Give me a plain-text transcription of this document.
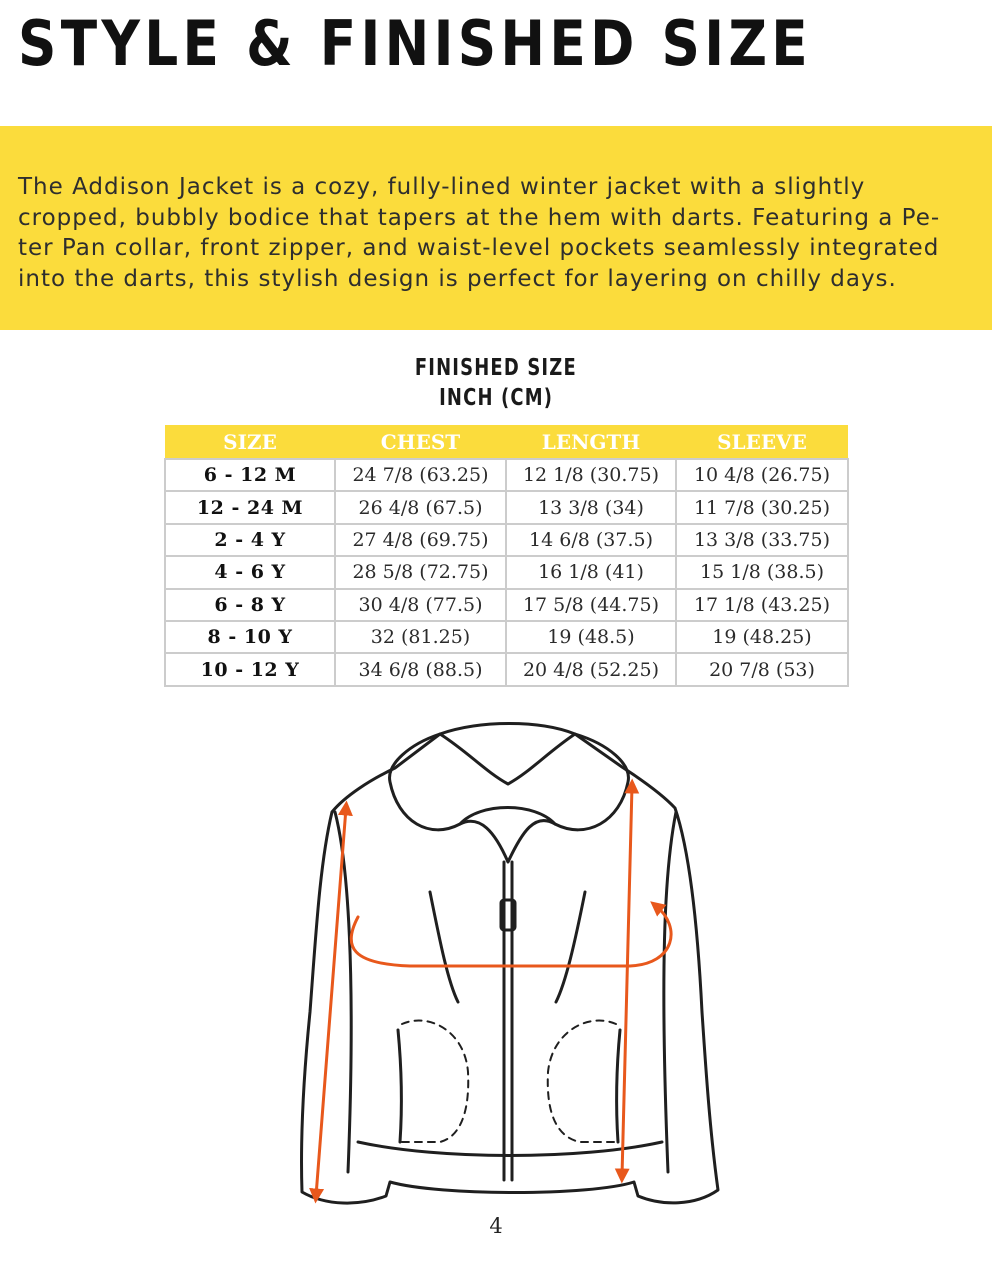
STYLE & FINISHED SIZE

The Addison Jacket is a cozy, fully-lined winter jacket with a slightly
cropped, bubbly bodice that tapers at the hem with darts. Featuring a Pe-
ter Pan collar, front zipper, and waist-level pockets seamlessly integrated
into the darts, this stylish design is perfect for layering on chilly days.

FINISHED SIZE
INCH (CM)
SIZE	CHEST	LENGTH	SLEEVE
6 - 12 M	24 7/8 (63.25)	12 1/8 (30.75)	10 4/8 (26.75)
12 - 24 M	26 4/8 (67.5)	13 3/8 (34)	11 7/8 (30.25)
2 - 4 Y	27 4/8 (69.75)	14 6/8 (37.5)	13 3/8 (33.75)
4 - 6 Y	28 5/8 (72.75)	16 1/8 (41)	15 1/8 (38.5)
6 - 8 Y	30 4/8 (77.5)	17 5/8 (44.75)	17 1/8 (43.25)
8 - 10 Y	32 (81.25)	19 (48.5)	19 (48.25)
10 - 12 Y	34 6/8 (88.5)	20 4/8 (52.25)	20 7/8 (53)

4
